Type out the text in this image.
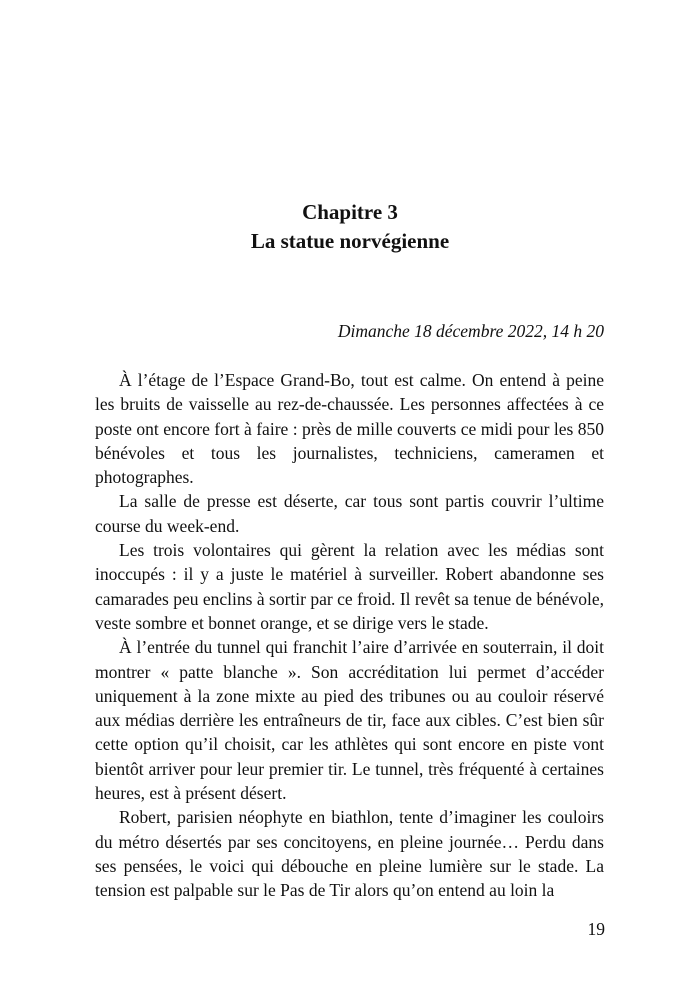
Chapitre 3
La statue norvégienne
Dimanche 18 décembre 2022, 14 h 20

À l’étage de l’Espace Grand-Bo, tout est calme. On entend à peine les bruits de vaisselle au rez-de-chaussée. Les personnes affectées à ce poste ont encore fort à faire : près de mille couverts ce midi pour les 850 bénévoles et tous les journalistes, techniciens, cameramen et photographes.

La salle de presse est déserte, car tous sont partis couvrir l’ultime course du week-end.

Les trois volontaires qui gèrent la relation avec les médias sont inoccupés : il y a juste le matériel à surveiller. Robert abandonne ses camarades peu enclins à sortir par ce froid. Il revêt sa tenue de bénévole, veste sombre et bonnet orange, et se dirige vers le stade.

À l’entrée du tunnel qui franchit l’aire d’arrivée en souterrain, il doit montrer « patte blanche ». Son accréditation lui permet d’accéder uniquement à la zone mixte au pied des tribunes ou au couloir réservé aux médias derrière les entraîneurs de tir, face aux cibles. C’est bien sûr cette option qu’il choisit, car les athlètes qui sont encore en piste vont bientôt arriver pour leur premier tir. Le tunnel, très fréquenté à certaines heures, est à présent désert.

Robert, parisien néophyte en biathlon, tente d’imaginer les couloirs du métro désertés par ses concitoyens, en pleine journée… Perdu dans ses pensées, le voici qui débouche en pleine lumière sur le stade. La tension est palpable sur le Pas de Tir alors qu’on entend au loin la

19
